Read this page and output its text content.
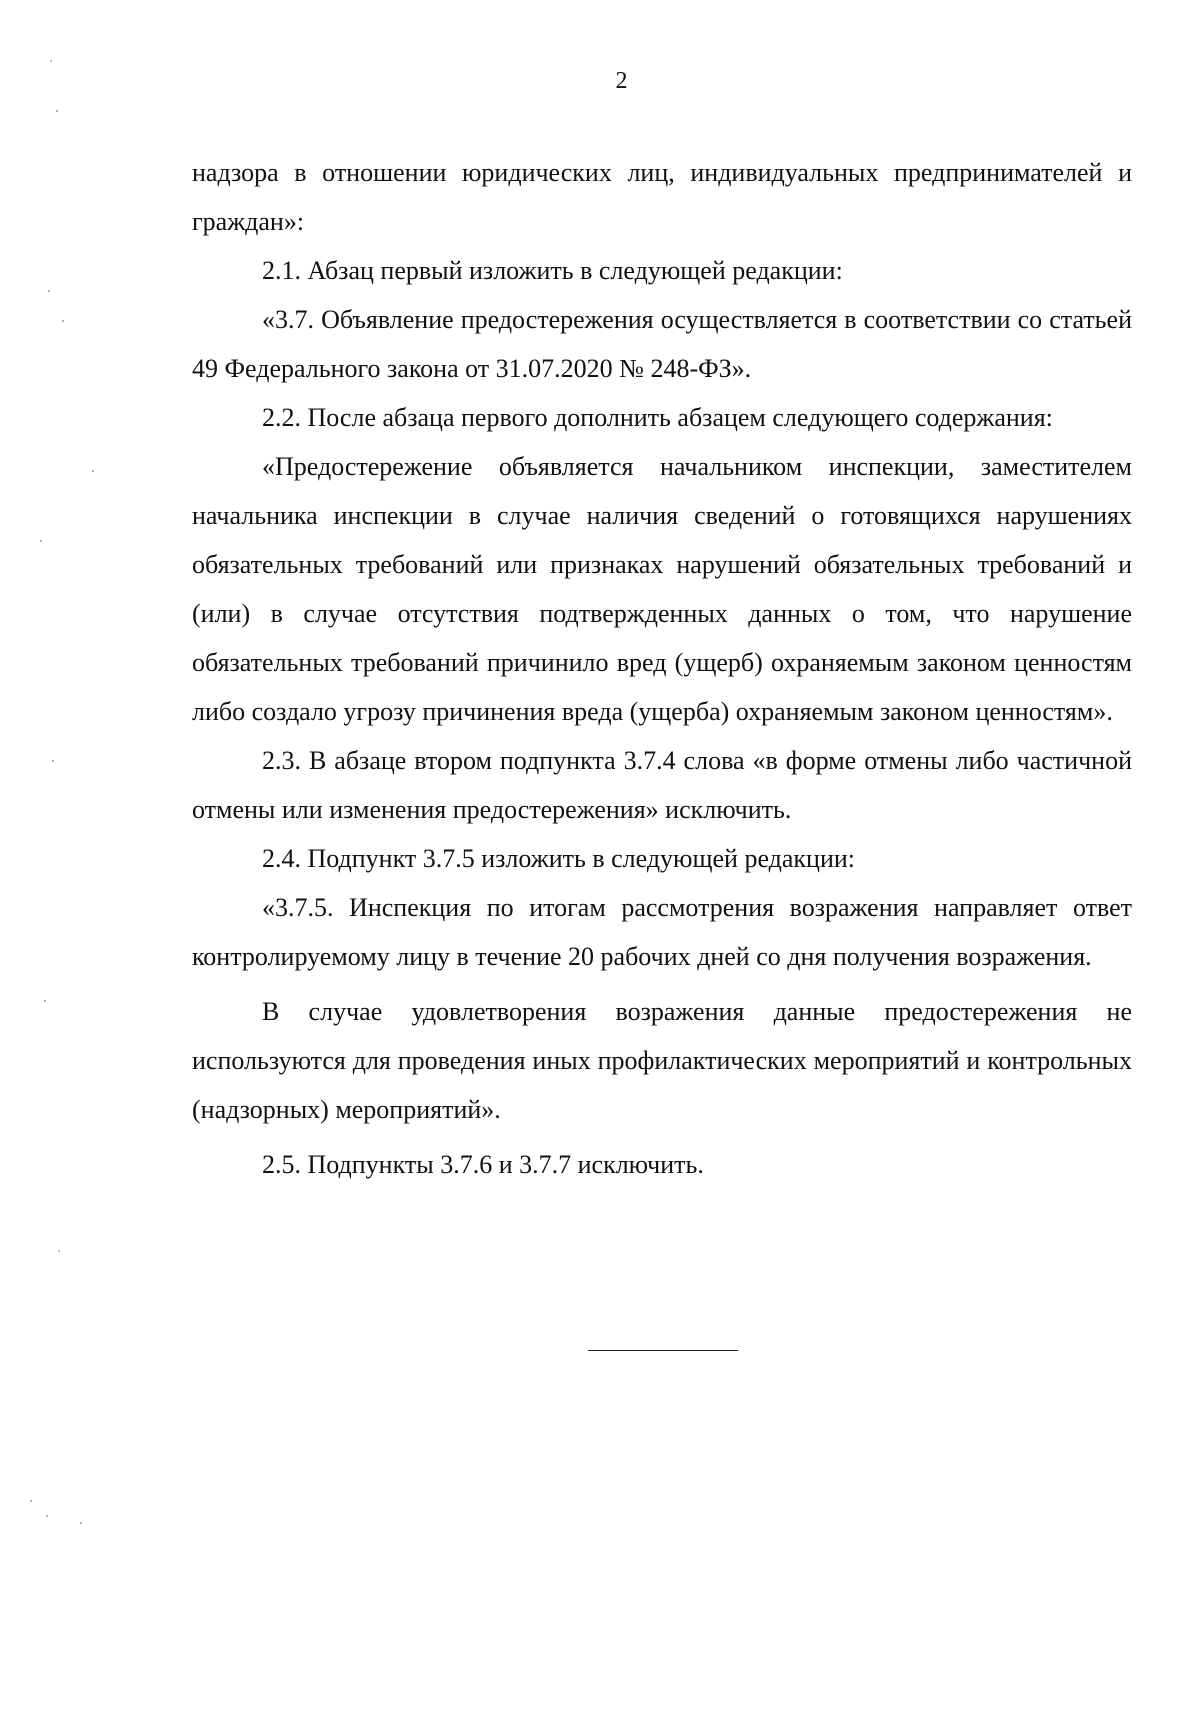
2

надзора в отношении юридических лиц, индивидуальных предпринимателей и граждан»:

2.1. Абзац первый изложить в следующей редакции:

«3.7. Объявление предостережения осуществляется в соответствии со статьей 49 Федерального закона от 31.07.2020 № 248-ФЗ».

2.2. После абзаца первого дополнить абзацем следующего содержания:

«Предостережение объявляется начальником инспекции, заместителем начальника инспекции в случае наличия сведений о готовящихся нарушениях обязательных требований или признаках нарушений обязательных требований и (или) в случае отсутствия подтвержденных данных о том, что нарушение обязательных требований причинило вред (ущерб) охраняемым законом ценностям либо создало угрозу причинения вреда (ущерба) охраняемым законом ценностям».

2.3. В абзаце втором подпункта 3.7.4 слова «в форме отмены либо частичной отмены или изменения предостережения» исключить.

2.4. Подпункт 3.7.5 изложить в следующей редакции:

«3.7.5. Инспекция по итогам рассмотрения возражения направляет ответ контролируемому лицу в течение 20 рабочих дней со дня получения возражения.

В случае удовлетворения возражения данные предостережения не используются для проведения иных профилактических мероприятий и контрольных (надзорных) мероприятий».

2.5. Подпункты 3.7.6 и 3.7.7 исключить.
